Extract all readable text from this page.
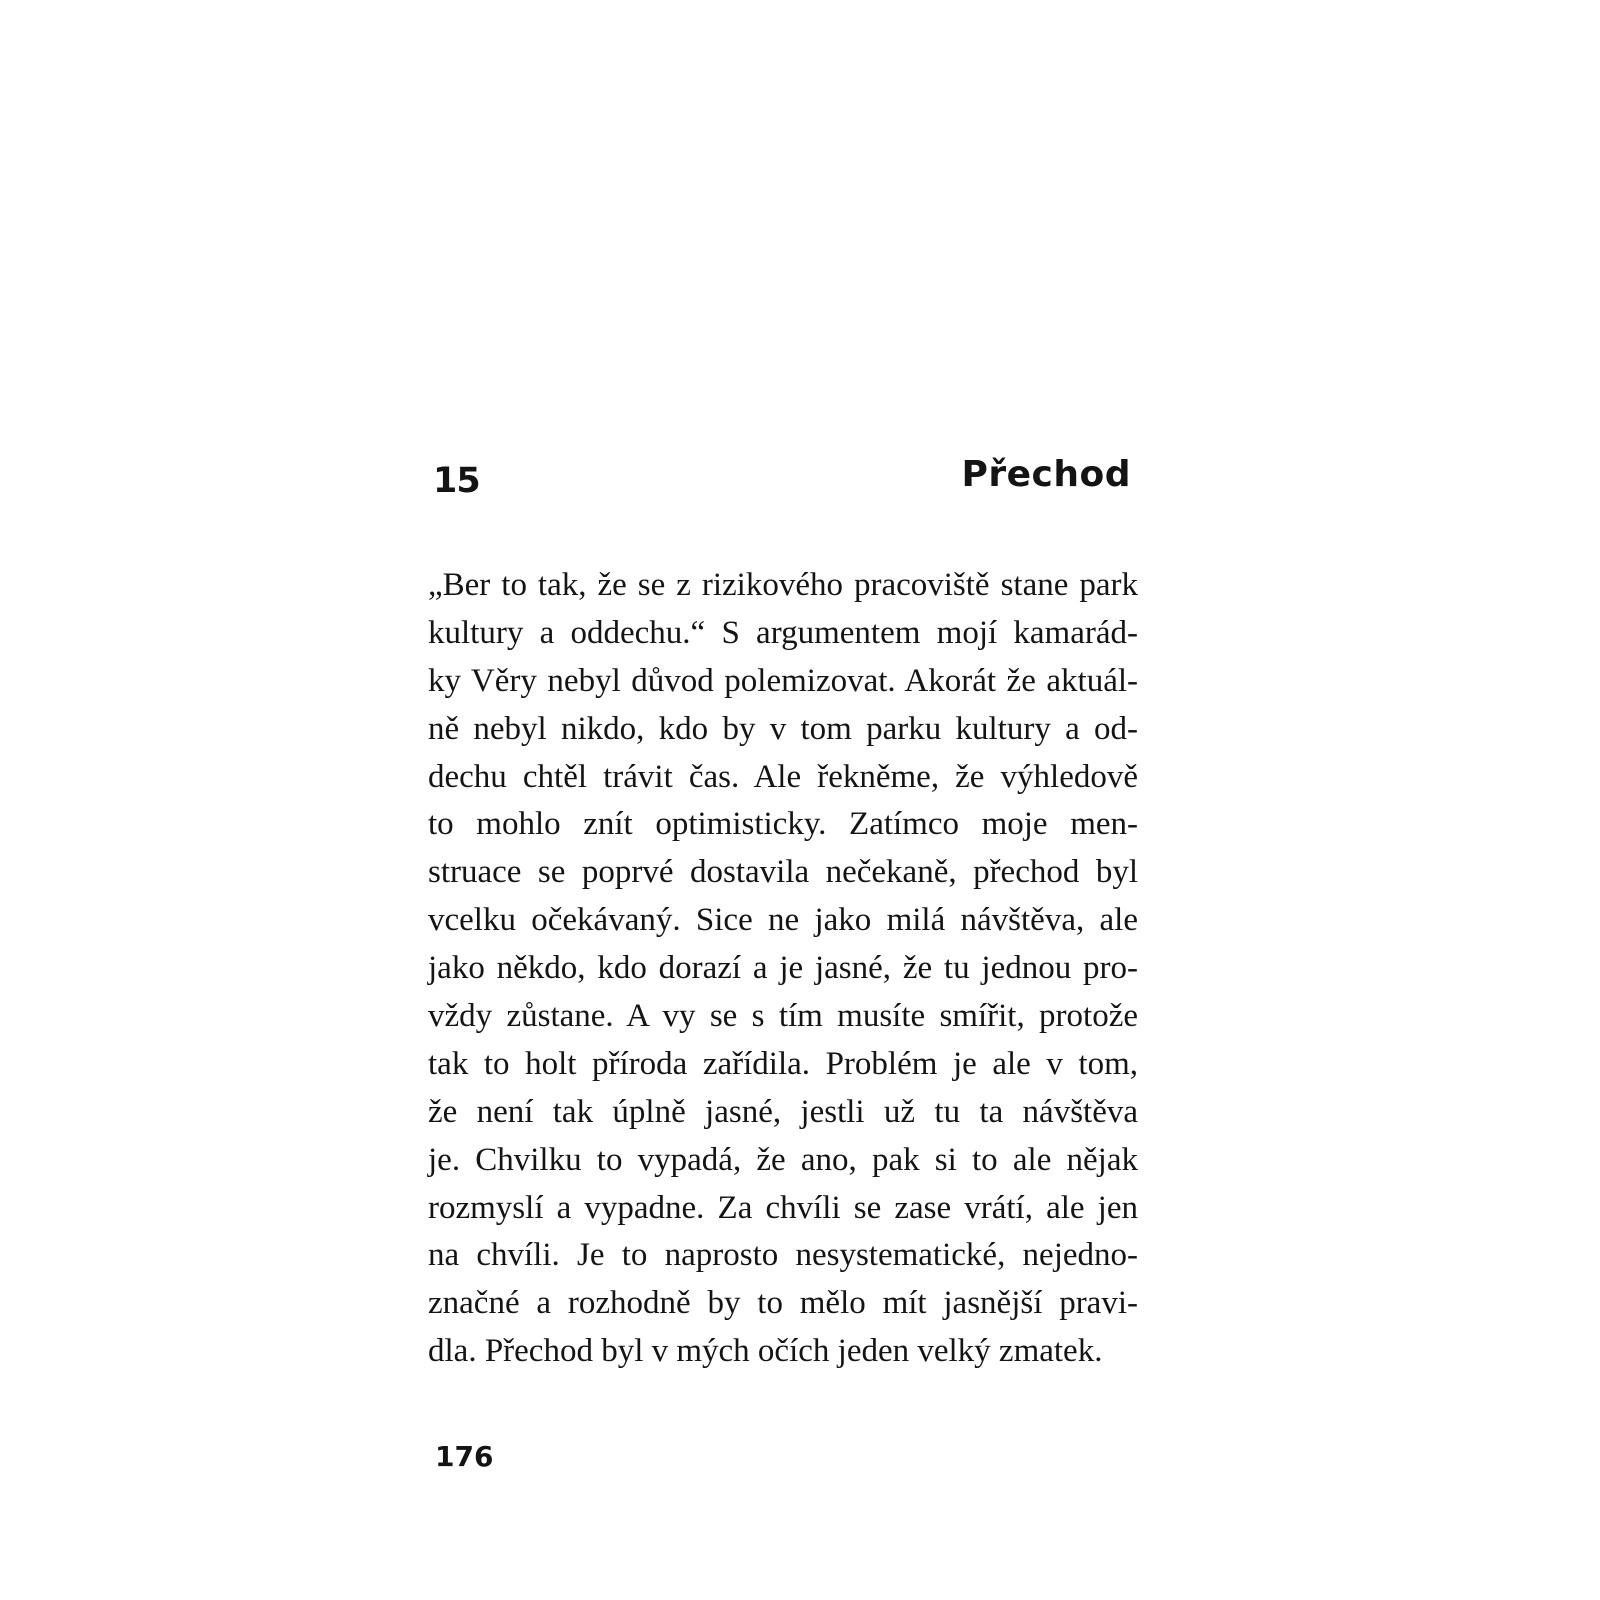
15	Přechod
„Ber to tak, že se z rizikového pracoviště stane park
kultury a oddechu.“ S argumentem mojí kamarád-
ky Věry nebyl důvod polemizovat. Akorát že aktuál-
ně nebyl nikdo, kdo by v tom parku kultury a od-
dechu chtěl trávit čas. Ale řekněme, že výhledově
to mohlo znít optimisticky. Zatímco moje men-
struace se poprvé dostavila nečekaně, přechod byl
vcelku očekávaný. Sice ne jako milá návštěva, ale
jako někdo, kdo dorazí a je jasné, že tu jednou pro-
vždy zůstane. A vy se s tím musíte smířit, protože
tak to holt příroda zařídila. Problém je ale v tom,
že není tak úplně jasné, jestli už tu ta návštěva
je. Chvilku to vypadá, že ano, pak si to ale nějak
rozmyslí a vypadne. Za chvíli se zase vrátí, ale jen
na chvíli. Je to naprosto nesystematické, nejedno-
značné a rozhodně by to mělo mít jasnější pravi-
dla. Přechod byl v mých očích jeden velký zmatek.
176
